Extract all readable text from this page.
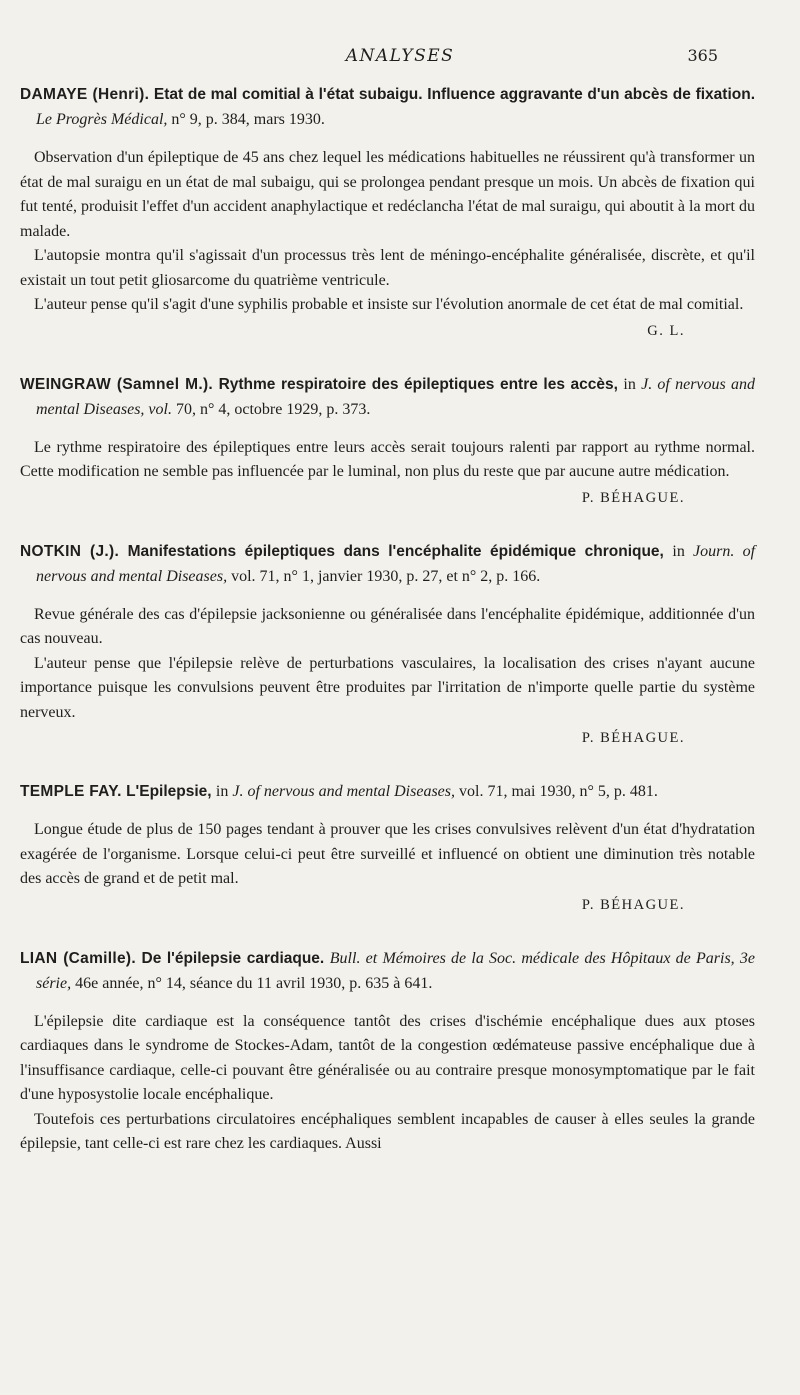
ANALYSES	365

DAMAYE (Henri). Etat de mal comitial à l'état subaigu. Influence aggravante d'un abcès de fixation. Le Progrès Médical, n° 9, p. 384, mars 1930.

Observation d'un épileptique de 45 ans chez lequel les médications habituelles ne réussirent qu'à transformer un état de mal suraigu en un état de mal subaigu, qui se prolongea pendant presque un mois. Un abcès de fixation qui fut tenté, produisit l'effet d'un accident anaphylactique et redéclancha l'état de mal suraigu, qui aboutit à la mort du malade.

L'autopsie montra qu'il s'agissait d'un processus très lent de méningo-encéphalite généralisée, discrète, et qu'il existait un tout petit gliosarcome du quatrième ventricule.

L'auteur pense qu'il s'agit d'une syphilis probable et insiste sur l'évolution anormale de cet état de mal comitial.

G. L.

WEINGRAW (Samnel M.). Rythme respiratoire des épileptiques entre les accès, in J. of nervous and mental Diseases, vol. 70, n° 4, octobre 1929, p. 373.

Le rythme respiratoire des épileptiques entre leurs accès serait toujours ralenti par rapport au rythme normal. Cette modification ne semble pas influencée par le luminal, non plus du reste que par aucune autre médication.

P. BÉHAGUE.

NOTKIN (J.). Manifestations épileptiques dans l'encéphalite épidémique chronique, in Journ. of nervous and mental Diseases, vol. 71, n° 1, janvier 1930, p. 27, et n° 2, p. 166.

Revue générale des cas d'épilepsie jacksonienne ou généralisée dans l'encéphalite épidémique, additionnée d'un cas nouveau.

L'auteur pense que l'épilepsie relève de perturbations vasculaires, la localisation des crises n'ayant aucune importance puisque les convulsions peuvent être produites par l'irritation de n'importe quelle partie du système nerveux.

P. BÉHAGUE.

TEMPLE FAY. L'Epilepsie, in J. of nervous and mental Diseases, vol. 71, mai 1930, n° 5, p. 481.

Longue étude de plus de 150 pages tendant à prouver que les crises convulsives relèvent d'un état d'hydratation exagérée de l'organisme. Lorsque celui-ci peut être surveillé et influencé on obtient une diminution très notable des accès de grand et de petit mal.

P. BÉHAGUE.

LIAN (Camille). De l'épilepsie cardiaque. Bull. et Mémoires de la Soc. médicale des Hôpitaux de Paris, 3e série, 46e année, n° 14, séance du 11 avril 1930, p. 635 à 641.

L'épilepsie dite cardiaque est la conséquence tantôt des crises d'ischémie encéphalique dues aux ptoses cardiaques dans le syndrome de Stockes-Adam, tantôt de la congestion œdémateuse passive encéphalique due à l'insuffisance cardiaque, celle-ci pouvant être généralisée ou au contraire presque monosymptomatique par le fait d'une hyposystolie locale encéphalique.

Toutefois ces perturbations circulatoires encéphaliques semblent incapables de causer à elles seules la grande épilepsie, tant celle-ci est rare chez les cardiaques. Aussi
